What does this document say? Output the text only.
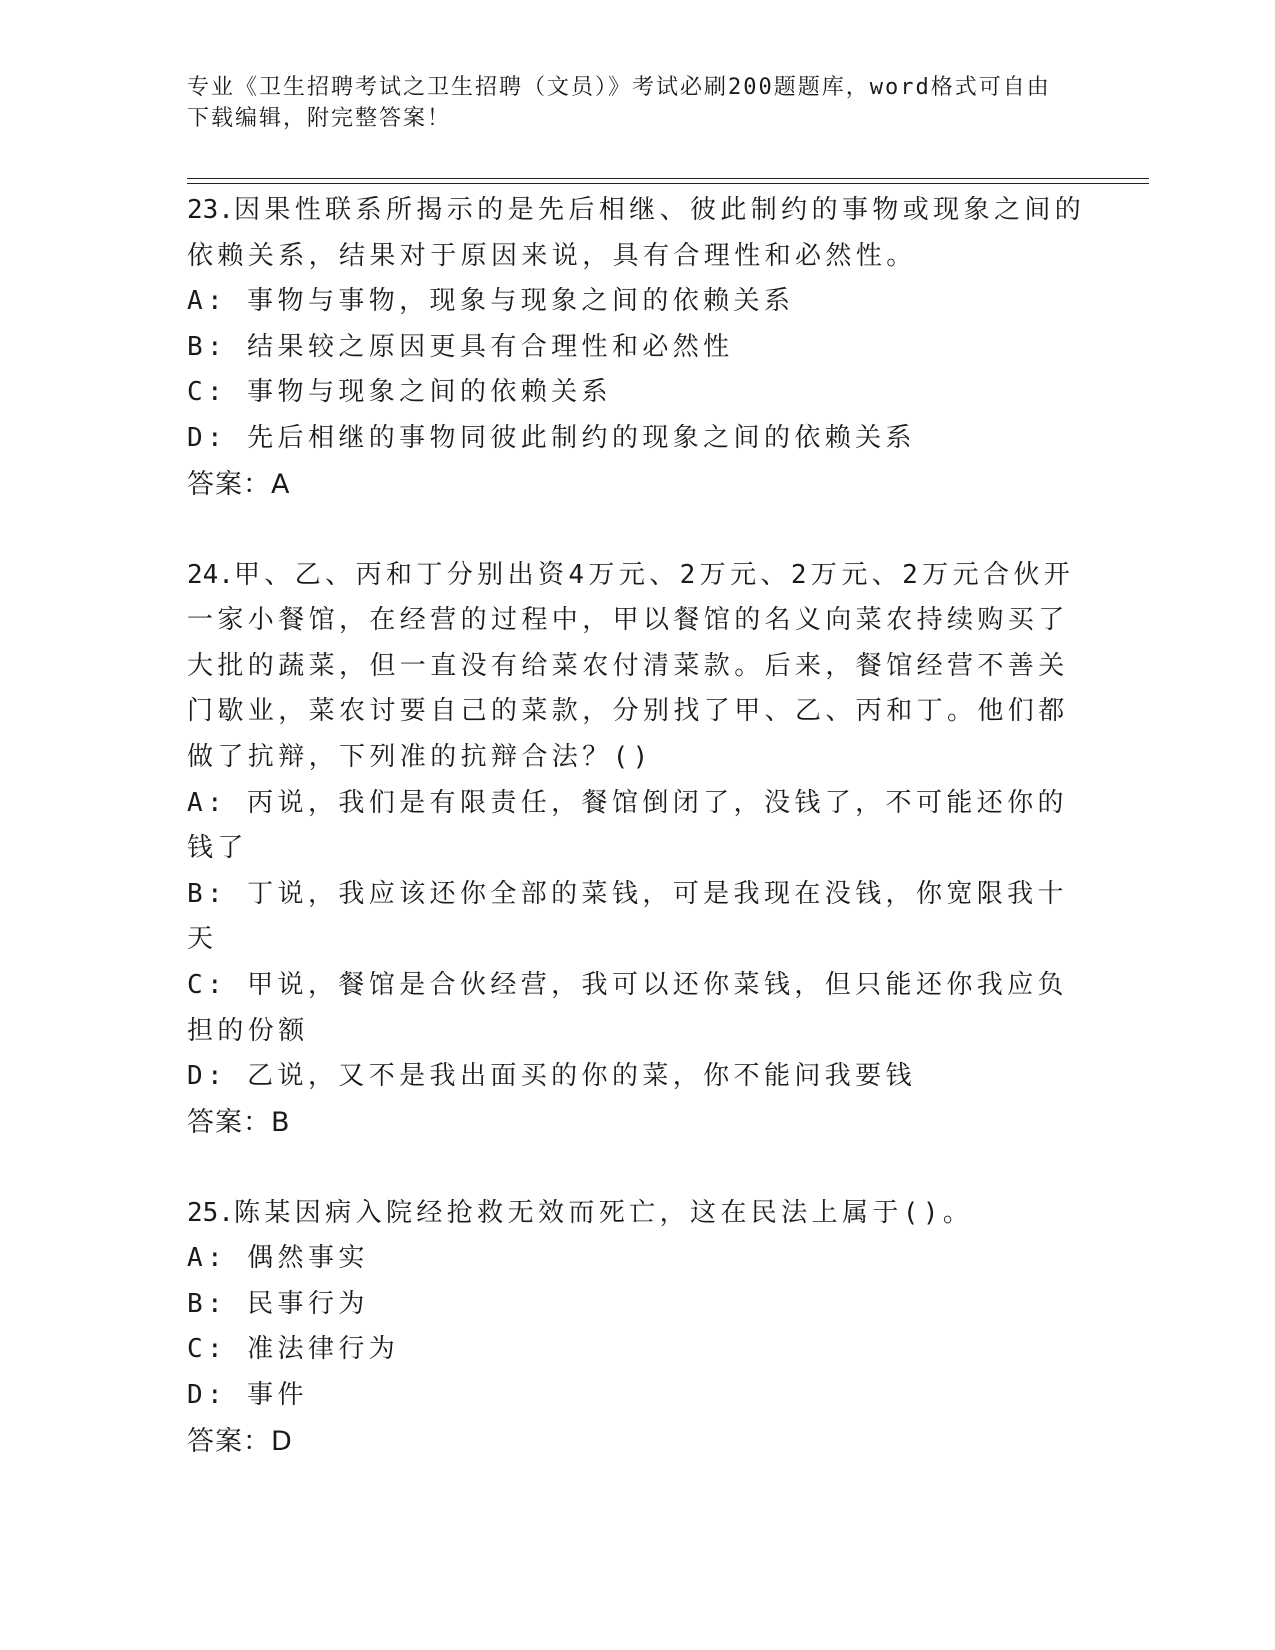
专业《卫生招聘考试之卫生招聘（文员）》考试必刷200题题库，word格式可自由下载编辑，附完整答案！

23.因果性联系所揭示的是先后相继、彼此制约的事物或现象之间的依赖关系，结果对于原因来说，具有合理性和必然性。

A: 事物与事物，现象与现象之间的依赖关系

B: 结果较之原因更具有合理性和必然性

C: 事物与现象之间的依赖关系

D: 先后相继的事物同彼此制约的现象之间的依赖关系

答案：A

24.甲、乙、丙和丁分别出资4万元、2万元、2万元、2万元合伙开一家小餐馆，在经营的过程中，甲以餐馆的名义向菜农持续购买了大批的蔬菜，但一直没有给菜农付清菜款。后来，餐馆经营不善关门歇业，菜农讨要自己的菜款，分别找了甲、乙、丙和丁。他们都做了抗辩，下列准的抗辩合法？()

A: 丙说，我们是有限责任，餐馆倒闭了，没钱了，不可能还你的钱了

B: 丁说，我应该还你全部的菜钱，可是我现在没钱，你宽限我十天

C: 甲说，餐馆是合伙经营，我可以还你菜钱，但只能还你我应负担的份额

D: 乙说，又不是我出面买的你的菜，你不能问我要钱

答案：B

25.陈某因病入院经抢救无效而死亡，这在民法上属于()。

A: 偶然事实

B: 民事行为

C: 准法律行为

D: 事件

答案：D
